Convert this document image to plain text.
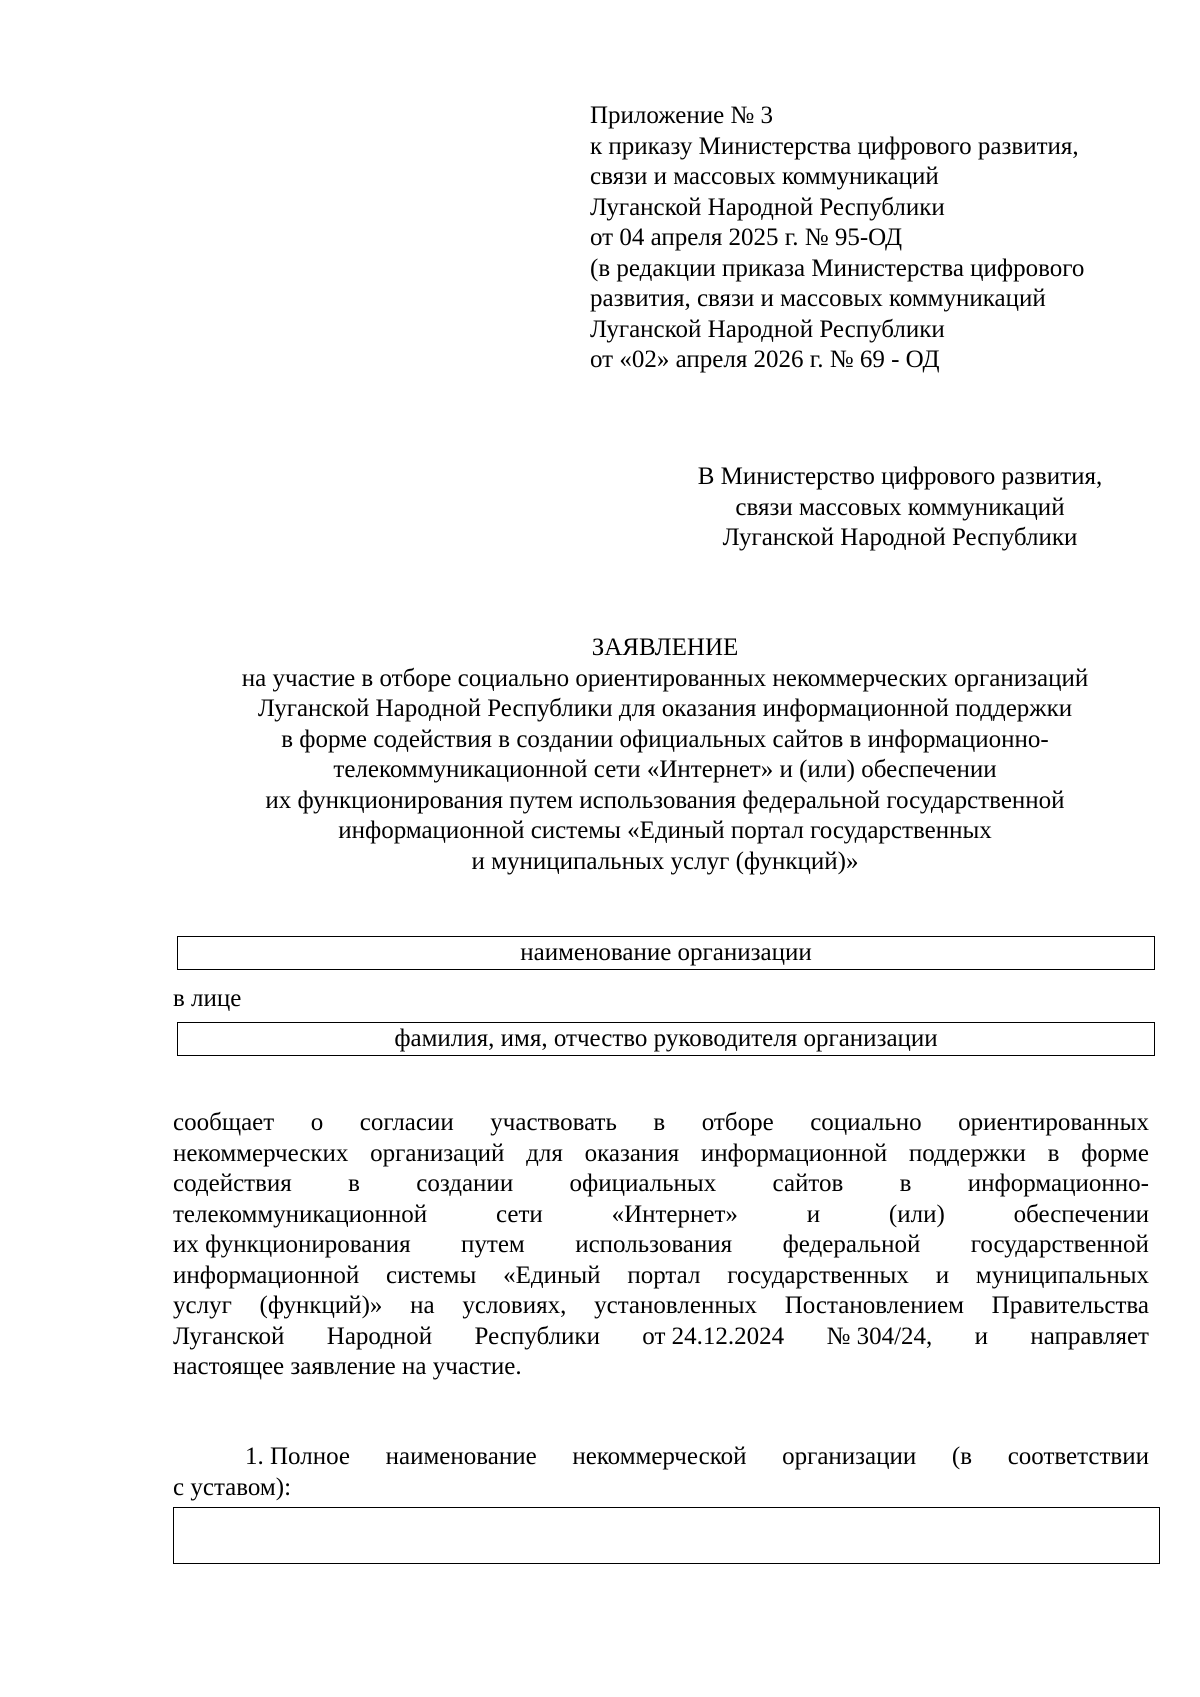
Приложение № 3
к приказу Министерства цифрового развития,
связи и массовых коммуникаций
Луганской Народной Республики
от 04 апреля 2025 г. № 95-ОД
(в редакции приказа Министерства цифрового
развития, связи и массовых коммуникаций
Луганской Народной Республики
от «02» апреля 2026 г. № 69 - ОД
В Министерство цифрового развития,
связи массовых коммуникаций
Луганской Народной Республики
ЗАЯВЛЕНИЕ
на участие в отборе социально ориентированных некоммерческих организаций
Луганской Народной Республики для оказания информационной поддержки
в форме содействия в создании официальных сайтов в информационно-
телекоммуникационной сети «Интернет» и (или) обеспечении
их функционирования путем использования федеральной государственной
информационной системы «Единый портал государственных
и муниципальных услуг (функций)»
наименование организации
в лице
фамилия, имя, отчество руководителя организации
сообщает о согласии участвовать в отборе социально ориентированных
некоммерческих организаций для оказания информационной поддержки в форме
содействия в создании официальных сайтов в информационно-
телекоммуникационной	сети	«Интернет»	и	(или)	обеспечении
их функционирования путем использования федеральной государственной
информационной системы «Единый портал государственных и муниципальных
услуг (функций)» на условиях, установленных Постановлением Правительства
Луганской Народной Республики от 24.12.2024 № 304/24, и направляет
настоящее заявление на участие.
1. Полное наименование некоммерческой организации (в соответствии
с уставом):
